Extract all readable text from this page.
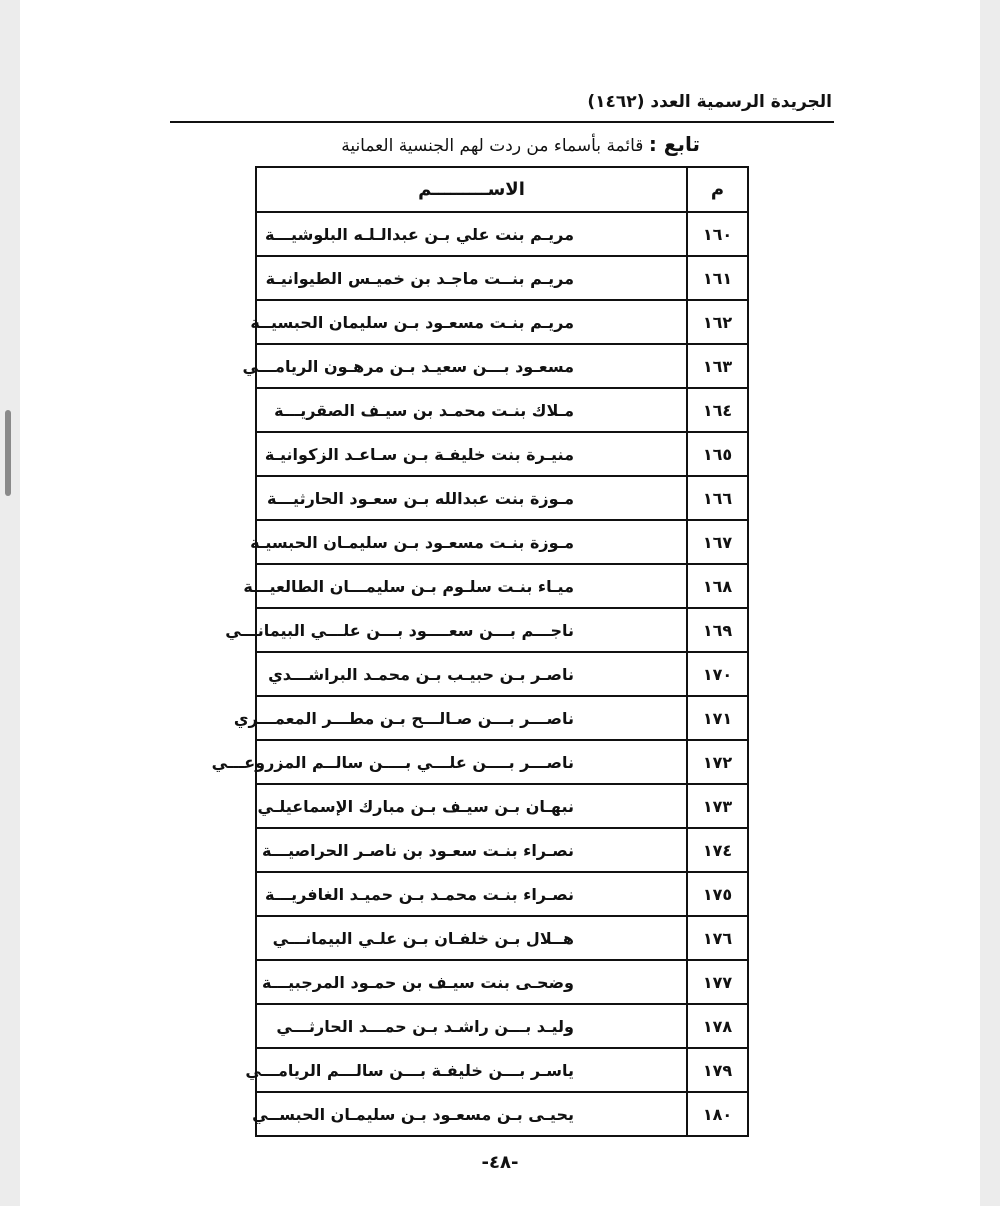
الجريدة الرسمية العدد (١٤٦٢)
تابع : قائمة بأسماء من ردت لهم الجنسية العمانية
م	الاســـــــــم
١٦٠	مريـم بنت علي بـن عبدالـلـه البلوشيـــة
١٦١	مريـم بنــت ماجـد بن خميـس الطيوانيـة
١٦٢	مريـم بنـت مسعـود بـن سليمان الحبسيــة
١٦٣	مسعـود بـــن سعيـد بـن مرهـون الريامـــي
١٦٤	مـلاك بنـت محمـد بن سيـف الصقريـــة
١٦٥	منيـرة بنت خليفـة بـن سـاعـد الزكوانيـة
١٦٦	مـوزة بنت عبدالله بـن سعـود الحارثيـــة
١٦٧	مـوزة بنـت مسعـود بـن سليمـان الحبسيـة
١٦٨	ميـاء بنـت سلـوم بـن سليمـــان الطالعيـــة
١٦٩	ناجـــم بـــن سعــــود بـــن علـــي البيمانـــي
١٧٠	ناصـر بـن حبيـب بـن محمـد البراشـــدي
١٧١	ناصـــر بـــن صـالـــح بـن مطـــر المعمـــري
١٧٢	ناصـــر بــــن علـــي بــــن سالــم المزروعـــي
١٧٣	نبهـان بـن سيـف بـن مبارك الإسماعيلـي
١٧٤	نصـراء بنـت سعـود بن ناصـر الحراصيـــة
١٧٥	نصـراء بنـت محمـد بـن حميـد الغافريـــة
١٧٦	هــلال بـن خلفـان بـن علـي البيمانـــي
١٧٧	وضحـى بنت سيـف بن حمـود المرجبيـــة
١٧٨	وليـد بـــن راشـد بـن حمـــد الحارثـــي
١٧٩	ياسـر بـــن خليفـة بـــن سالـــم الريامـــي
١٨٠	يحيـى بـن مسعـود بـن سليمـان الحبســي
-٤٨-
